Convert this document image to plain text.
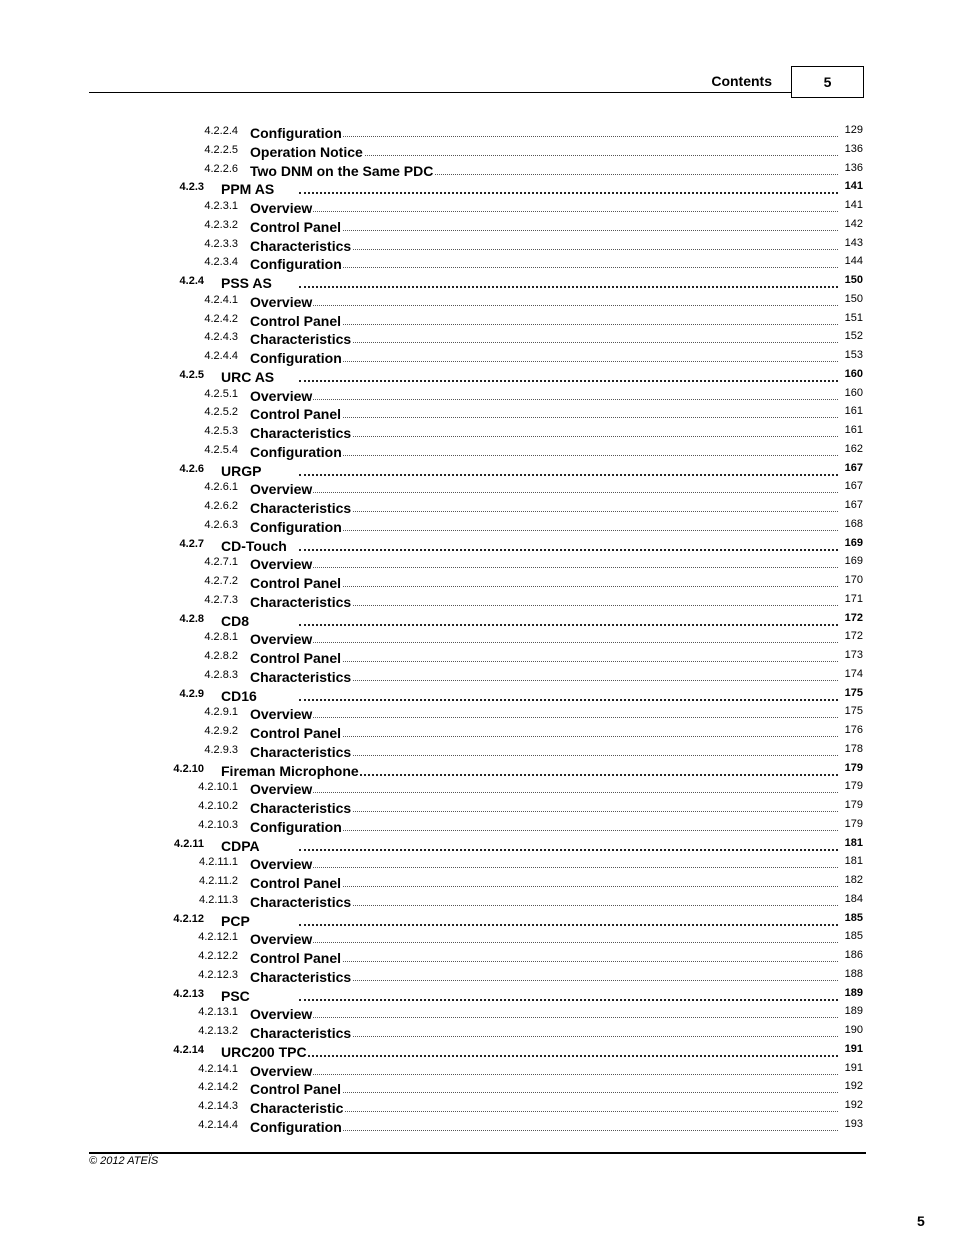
Contents	5
4.2.2.4 Configuration	129
4.2.2.5 Operation Notice	136
4.2.2.6 Two DNM on the Same PDC	136
4.2.3 PPM AS	141
4.2.3.1 Overview	141
4.2.3.2 Control Panel	142
4.2.3.3 Characteristics	143
4.2.3.4 Configuration	144
4.2.4 PSS AS	150
4.2.4.1 Overview	150
4.2.4.2 Control Panel	151
4.2.4.3 Characteristics	152
4.2.4.4 Configuration	153
4.2.5 URC AS	160
4.2.5.1 Overview	160
4.2.5.2 Control Panel	161
4.2.5.3 Characteristics	161
4.2.5.4 Configuration	162
4.2.6 URGP	167
4.2.6.1 Overview	167
4.2.6.2 Characteristics	167
4.2.6.3 Configuration	168
4.2.7 CD-Touch	169
4.2.7.1 Overview	169
4.2.7.2 Control Panel	170
4.2.7.3 Characteristics	171
4.2.8 CD8	172
4.2.8.1 Overview	172
4.2.8.2 Control Panel	173
4.2.8.3 Characteristics	174
4.2.9 CD16	175
4.2.9.1 Overview	175
4.2.9.2 Control Panel	176
4.2.9.3 Characteristics	178
4.2.10 Fireman Microphone	179
4.2.10.1 Overview	179
4.2.10.2 Characteristics	179
4.2.10.3 Configuration	179
4.2.11 CDPA	181
4.2.11.1 Overview	181
4.2.11.2 Control Panel	182
4.2.11.3 Characteristics	184
4.2.12 PCP	185
4.2.12.1 Overview	185
4.2.12.2 Control Panel	186
4.2.12.3 Characteristics	188
4.2.13 PSC	189
4.2.13.1 Overview	189
4.2.13.2 Characteristics	190
4.2.14 URC200 TPC	191
4.2.14.1 Overview	191
4.2.14.2 Control Panel	192
4.2.14.3 Characteristic	192
4.2.14.4 Configuration	193
© 2012 ATEÏS
5
